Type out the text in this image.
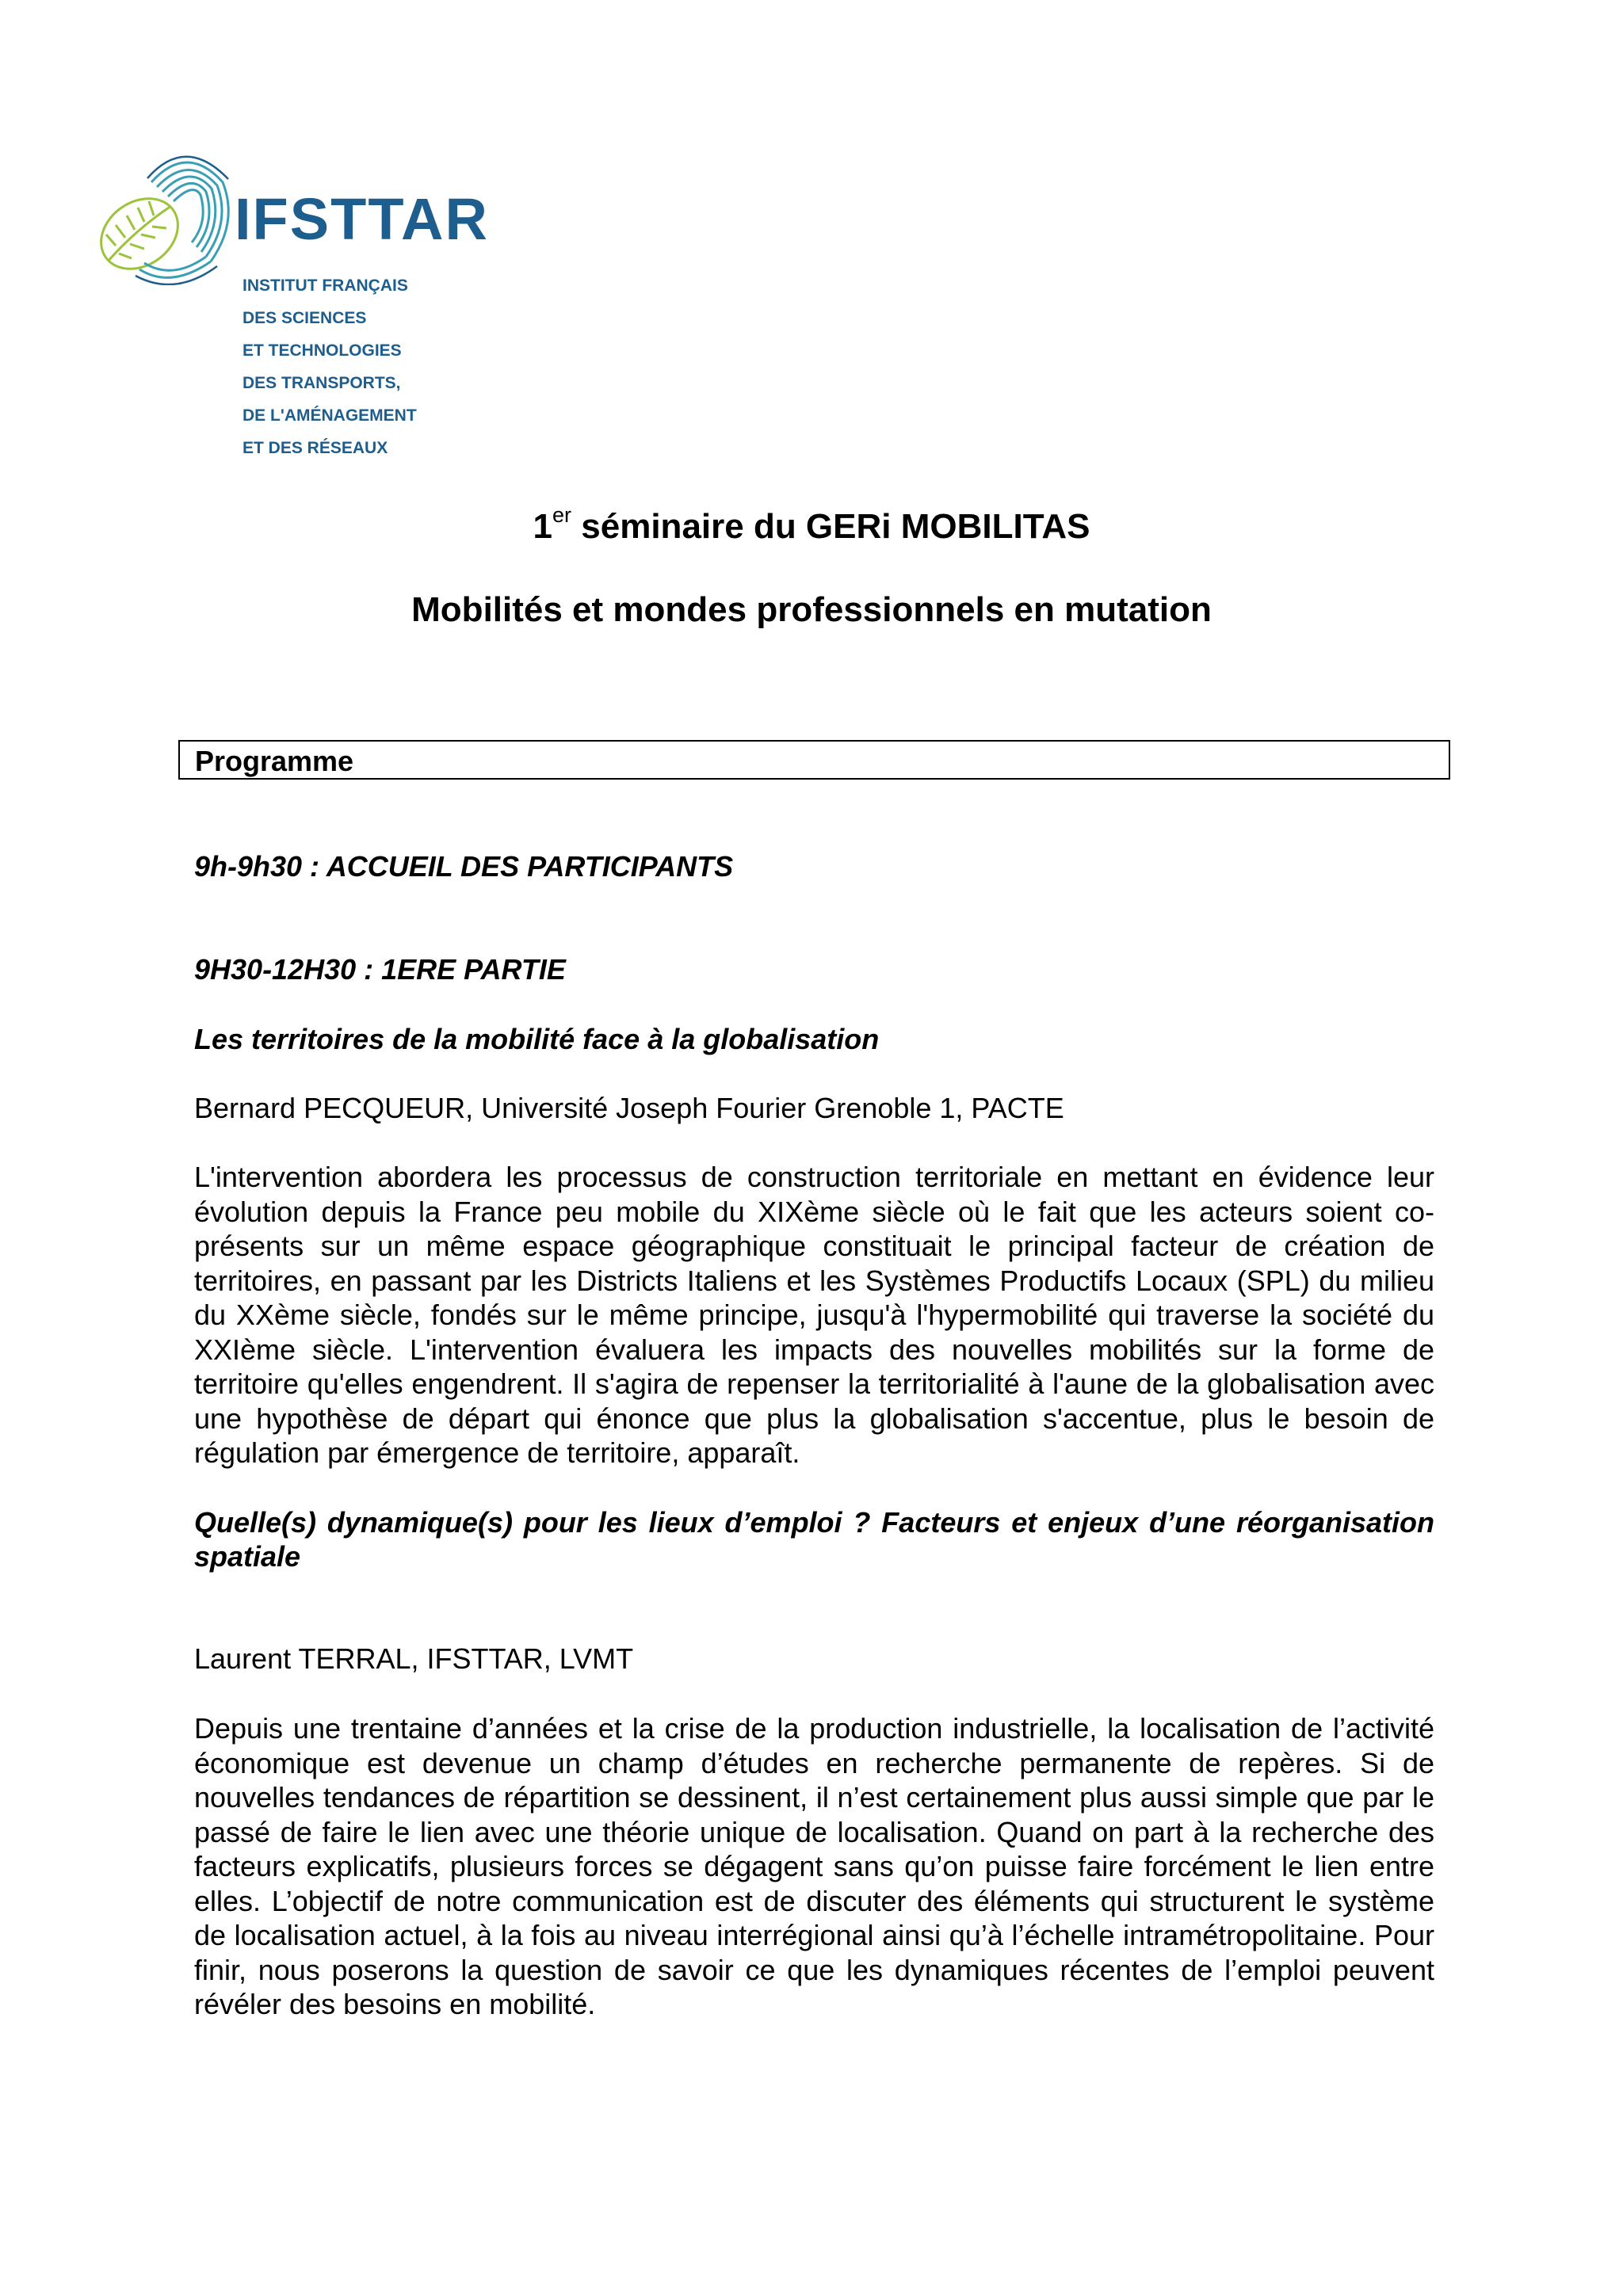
IFSTTAR
INSTITUT FRANÇAIS
DES SCIENCES
ET TECHNOLOGIES
DES TRANSPORTS,
DE L'AMÉNAGEMENT
ET DES RÉSEAUX
1er séminaire du GERi MOBILITAS
Mobilités et mondes professionnels en mutation
Programme

9h-9h30 : ACCUEIL DES PARTICIPANTS

9H30-12H30 : 1ERE PARTIE

Les territoires de la mobilité face à la globalisation

Bernard PECQUEUR, Université Joseph Fourier Grenoble 1, PACTE

L'intervention abordera les processus de construction territoriale en mettant en évidence leur évolution depuis la France peu mobile du XIXème siècle où le fait que les acteurs soient co-présents sur un même espace géographique constituait le principal facteur de création de territoires, en passant par les Districts Italiens et les Systèmes Productifs Locaux (SPL) du milieu du XXème siècle, fondés sur le même principe, jusqu'à l'hypermobilité qui traverse la société du XXIème siècle. L'intervention évaluera les impacts des nouvelles mobilités sur la forme de territoire qu'elles engendrent. Il s'agira de repenser la territorialité à l'aune de la globalisation avec une hypothèse de départ qui énonce que plus la globalisation s'accentue, plus le besoin de régulation par émergence de territoire, apparaît.

Quelle(s) dynamique(s) pour les lieux d’emploi ? Facteurs et enjeux d’une réorganisation spatiale

Laurent TERRAL, IFSTTAR, LVMT

Depuis une trentaine d’années et la crise de la production industrielle, la localisation de l’activité économique est devenue un champ d’études en recherche permanente de repères. Si de nouvelles tendances de répartition se dessinent, il n’est certainement plus aussi simple que par le passé de faire le lien avec une théorie unique de localisation. Quand on part à la recherche des facteurs explicatifs, plusieurs forces se dégagent sans qu’on puisse faire forcément le lien entre elles. L’objectif de notre communication est de discuter des éléments qui structurent le système de localisation actuel, à la fois au niveau interrégional ainsi qu’à l’échelle intramétropolitaine. Pour finir, nous poserons la question de savoir ce que les dynamiques récentes de l’emploi peuvent révéler des besoins en mobilité.
